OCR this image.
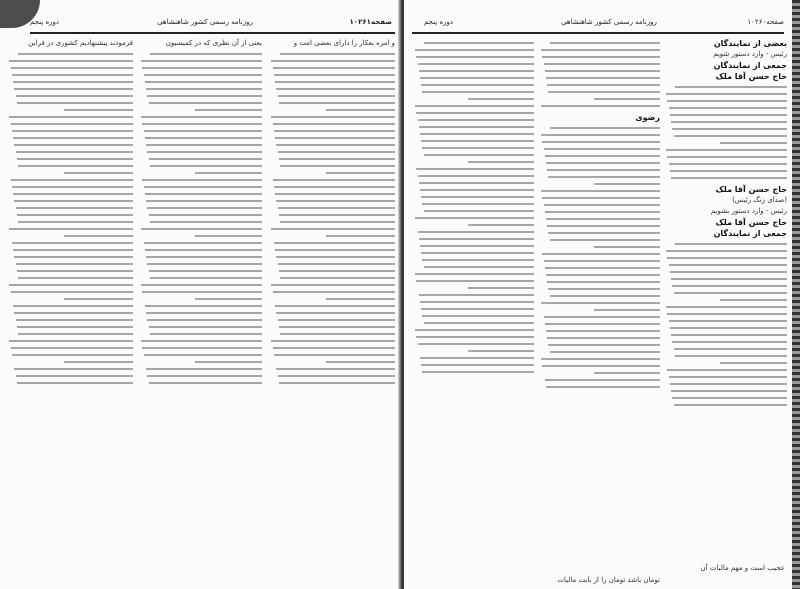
صفحه۱۰۲۶۱
روزنامه رسمی کشور شاهنشاهی
دوره پنجم
و امره بعکار را دارای بعضی امت و
یعنی از آن نظری که در کمیسیون
فرمودند پیشنهادیم کشوری در فراین
صفحه۱۰۲۶۰
روزنامه رسمی کشور شاهنشاهی
دوره پنجم
بعضی از نمایندگان
رئیس - وارد دستور شویم
جمعی از نمایندگان
حاج حسن آقا ملک
حاج حسن آقا ملک
(صدای زنگ رئیس)
رئیس - وارد دستور بشویم
حاج حسن آقا ملک
جمعی از نمایندگان
رضوی
عجیب است و مهم مالیات آن
تومان باشد تومان را از بابت مالیات
